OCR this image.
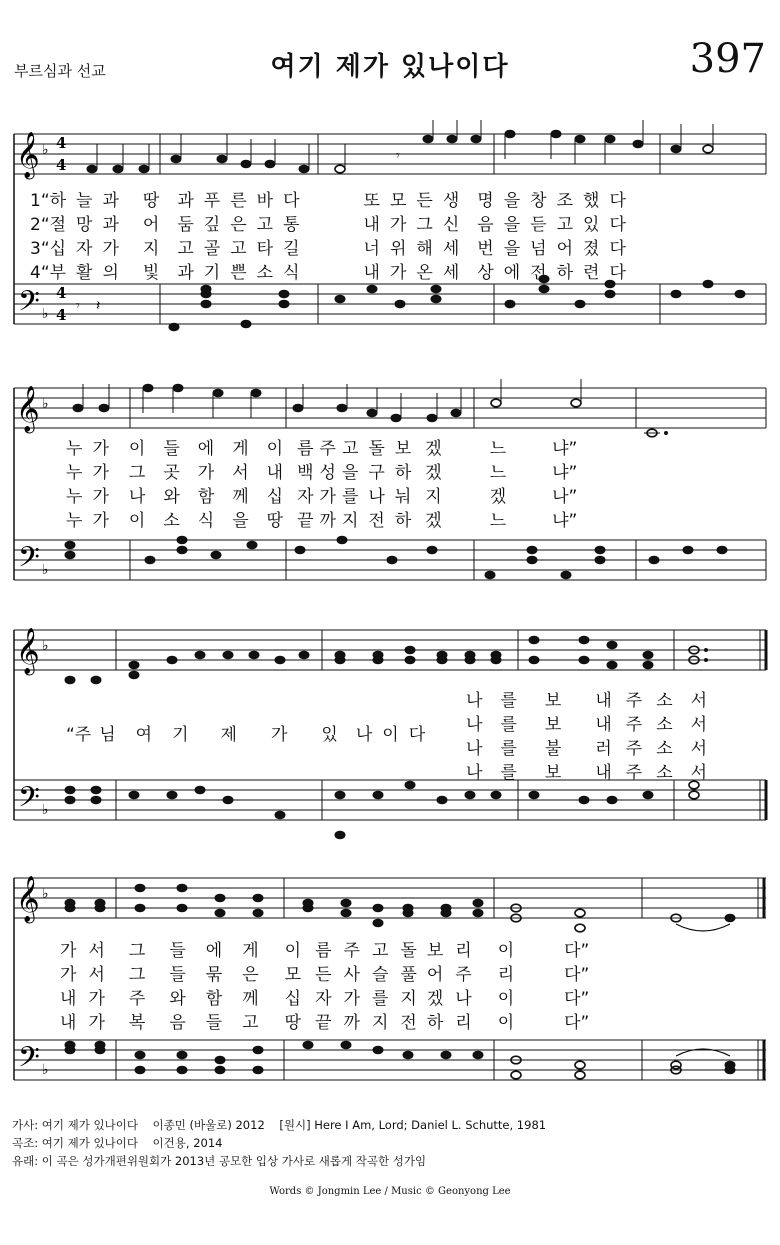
부르심과 선교	여기 제가 있나이다	397
𝄞
𝄢
♭
♭
4
4
4
4 𝄾 𝄽
𝄾
1“하 늘 과 땅 과 푸 른 바 다	또 모 든 생 명 을 창 조 했 다
2“절 망 과 어 둠 깊 은 고 통	내 가 그 신 음 을 듣 고 있 다
3“십 자 가 지 고 골 고 타 길	너 위 해 세 번 을 넘 어 졌 다
4“부 활 의 빛 과 기 쁜 소 식	내 가 온 세 상 에 전 하 련 다
𝄞
𝄢
♭
♭
누 가 이 들 에 게 이 름 주 고 돌 보 겠	느	냐”
누 가 그 곳 가 서 내 백 성 을 구 하 겠	느	냐”
누 가 나 와 함 께 십 자 가 를 나 눠 지	겠	나”
누 가 이 소 식 을 땅 끝 까 지 전 하 겠	느	냐”
𝄞
𝄢
♭
♭
“주 님 여 기 제 가 있 나 이 다
나 를 보 내 주 소 서
나 를 보 내 주 소 서
나 를 불 러 주 소 서
나 를 보 내 주 소 서
𝄞
𝄢
♭
♭
가 서 그 들 에 게 이 름 주 고 돌 보 리 이	다”
가 서 그 들 묶 은 모 든 사 슬 풀 어 주 리	다”
내 가 주 와 함 께 십 자 가 를 지 겠 나 이	다”
내 가 복 음 들 고 땅 끝 까 지 전 하 리 이	다”
가사: 여기 제가 있나이다    이종민 (바울로) 2012    [원시] Here I Am, Lord; Daniel L. Schutte, 1981
곡조: 여기 제가 있나이다    이건용, 2014
유래: 이 곡은 성가개편위원회가 2013년 공모한 입상 가사로 새롭게 작곡한 성가임
Words © Jongmin Lee / Music © Geonyong Lee
